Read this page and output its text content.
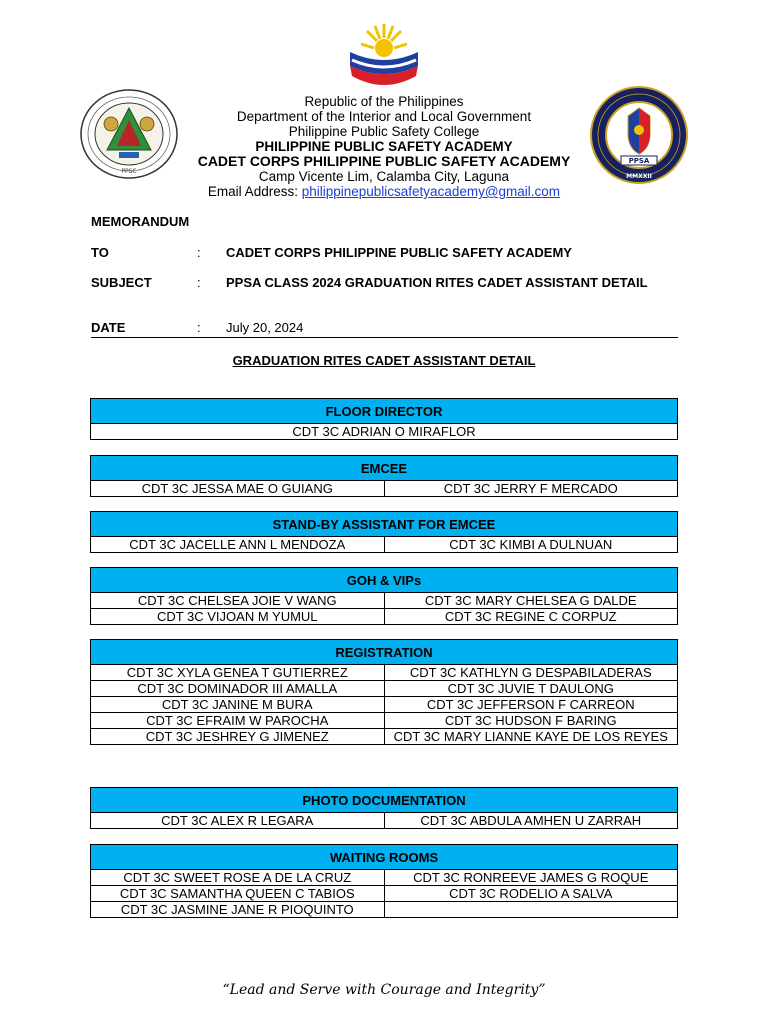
PPSC
PPSA
MMXXII
Republic of the Philippines
Department of the Interior and Local Government
Philippine Public Safety College
PHILIPPINE PUBLIC SAFETY ACADEMY
CADET CORPS PHILIPPINE PUBLIC SAFETY ACADEMY
Camp Vicente Lim, Calamba City, Laguna
Email Address: philippinepublicsafetyacademy@gmail.com
MEMORANDUM
TO	: CADET CORPS PHILIPPINE PUBLIC SAFETY ACADEMY
SUBJECT	: PPSA CLASS 2024 GRADUATION RITES CADET ASSISTANT DETAIL
DATE	: July 20, 2024
GRADUATION RITES CADET ASSISTANT DETAIL
FLOOR DIRECTOR
CDT 3C ADRIAN O MIRAFLOR
EMCEE
CDT 3C JESSA MAE O GUIANG	CDT 3C JERRY F MERCADO
STAND-BY ASSISTANT FOR EMCEE
CDT 3C JACELLE ANN L MENDOZA	CDT 3C KIMBI A DULNUAN
GOH & VIPs	
CDT 3C CHELSEA JOIE V WANG	CDT 3C MARY CHELSEA G DALDE
CDT 3C VIJOAN M YUMUL	CDT 3C REGINE C CORPUZ
REGISTRATION	
CDT 3C XYLA GENEA T GUTIERREZ	CDT 3C KATHLYN G DESPABILADERAS
CDT 3C DOMINADOR III AMALLA	CDT 3C JUVIE T DAULONG
CDT 3C JANINE M BURA	CDT 3C JEFFERSON F CARREON
CDT 3C EFRAIM W PAROCHA	CDT 3C HUDSON F BARING
CDT 3C JESHREY G JIMENEZ	CDT 3C MARY LIANNE KAYE DE LOS REYES
PHOTO DOCUMENTATION
CDT 3C ALEX R LEGARA	CDT 3C ABDULA AMHEN U ZARRAH
WAITING ROOMS	
CDT 3C SWEET ROSE A DE LA CRUZ	CDT 3C RONREEVE JAMES G ROQUE
CDT 3C SAMANTHA QUEEN C TABIOS	CDT 3C RODELIO A SALVA
CDT 3C JASMINE JANE R PIOQUINTO	
“Lead and Serve with Courage and Integrity”
